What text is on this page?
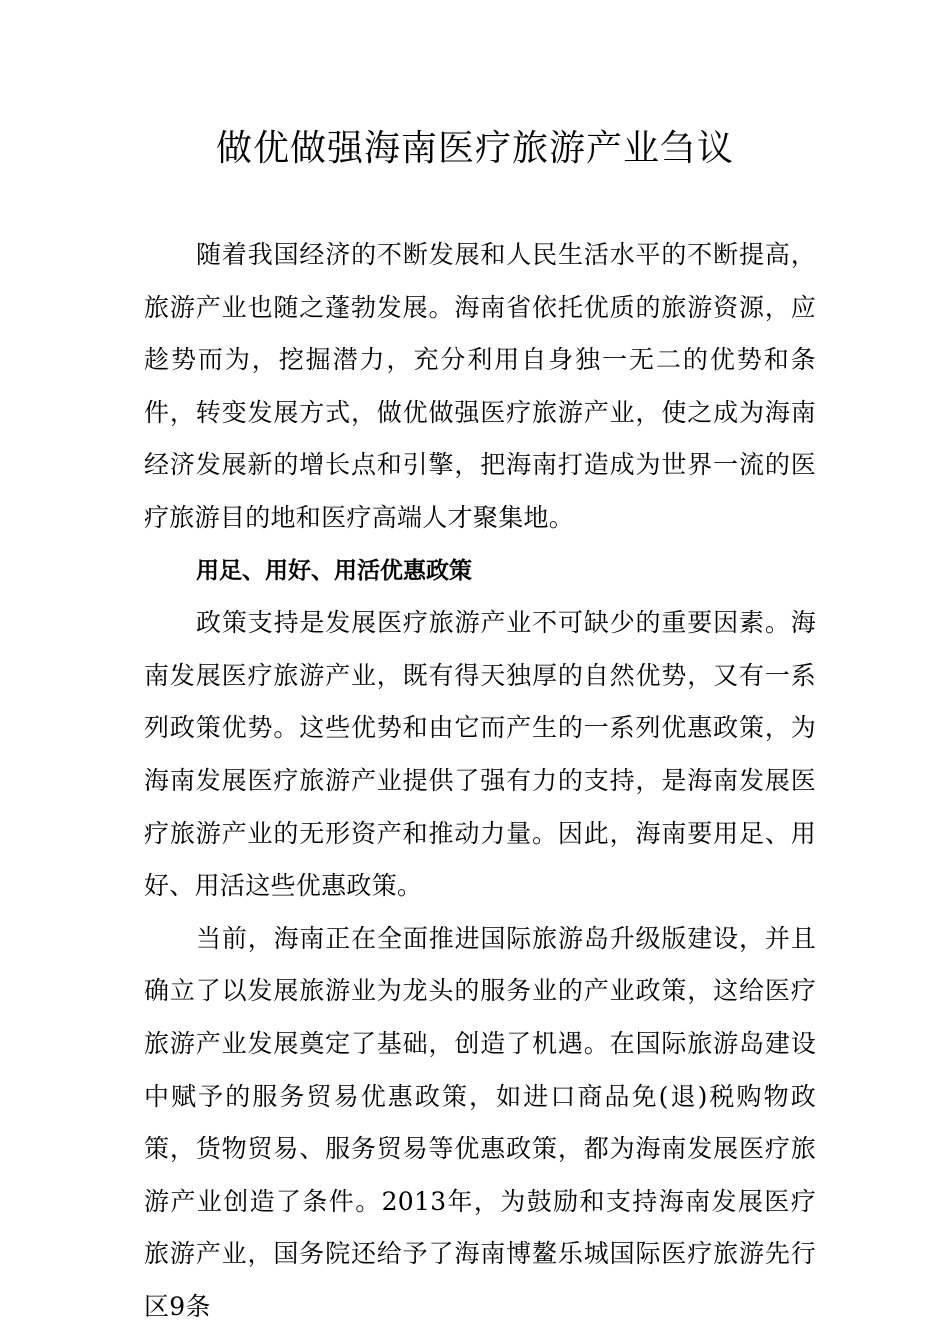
做优做强海南医疗旅游产业刍议

随着我国经济的不断发展和人民生活水平的不断提高，旅游产业也随之蓬勃发展。海南省依托优质的旅游资源，应趁势而为，挖掘潜力，充分利用自身独一无二的优势和条件，转变发展方式，做优做强医疗旅游产业，使之成为海南经济发展新的增长点和引擎，把海南打造成为世界一流的医疗旅游目的地和医疗高端人才聚集地。

用足、用好、用活优惠政策

政策支持是发展医疗旅游产业不可缺少的重要因素。海南发展医疗旅游产业，既有得天独厚的自然优势，又有一系列政策优势。这些优势和由它而产生的一系列优惠政策，为海南发展医疗旅游产业提供了强有力的支持，是海南发展医疗旅游产业的无形资产和推动力量。因此，海南要用足、用好、用活这些优惠政策。

当前，海南正在全面推进国际旅游岛升级版建设，并且确立了以发展旅游业为龙头的服务业的产业政策，这给医疗旅游产业发展奠定了基础，创造了机遇。在国际旅游岛建设中赋予的服务贸易优惠政策，如进口商品免(退)税购物政策，货物贸易、服务贸易等优惠政策，都为海南发展医疗旅游产业创造了条件。2013年，为鼓励和支持海南发展医疗旅游产业，国务院还给予了海南博鳌乐城国际医疗旅游先行区9条
